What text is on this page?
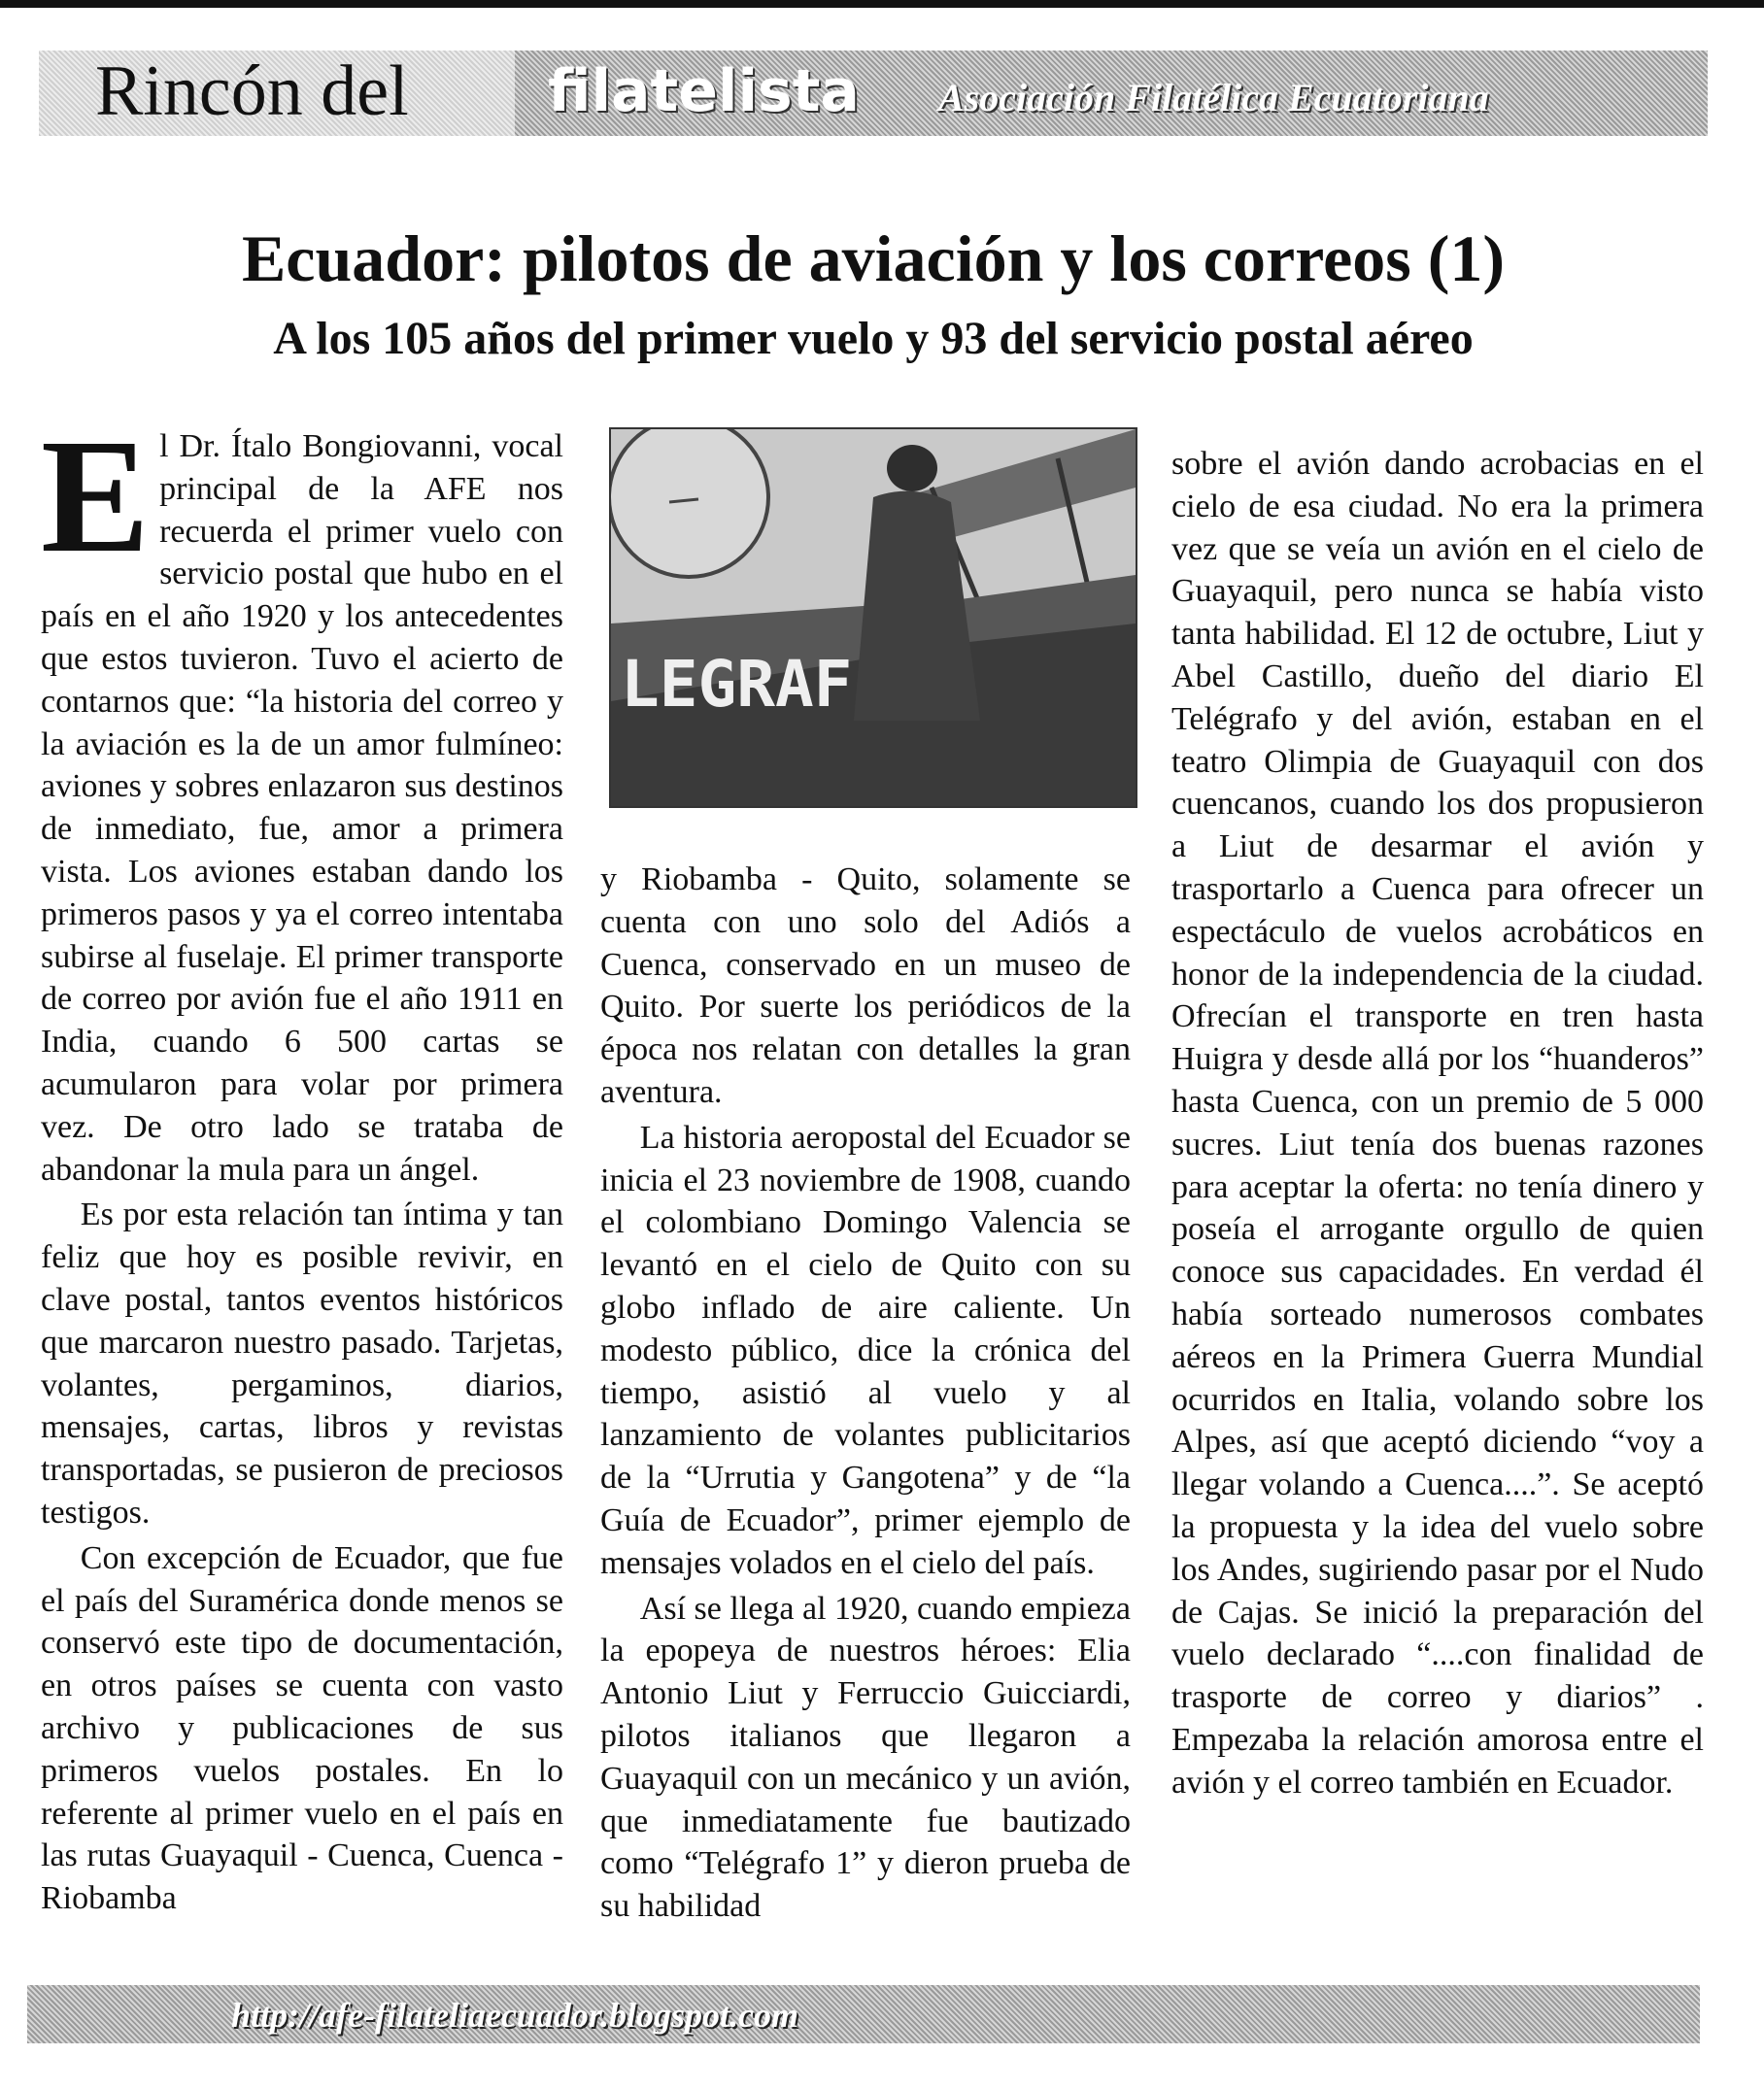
Rincón del filatelista Asociación Filatélica Ecuatoriana
Ecuador: pilotos de aviación y los correos (1)
A los 105 años del primer vuelo y 93 del servicio postal aéreo
E l Dr. Ítalo Bongiovanni, vocal principal de la AFE nos recuerda el primer vuelo con servicio postal que hubo en el país en el año 1920 y los antecedentes que estos tuvieron. Tuvo el acierto de contarnos que: “la historia del correo y la aviación es la de un amor fulmíneo: aviones y sobres enlazaron sus destinos de inmediato, fue, amor a primera vista. Los aviones estaban dando los primeros pasos y ya el correo intentaba subirse al fuselaje. El primer transporte de correo por avión fue el año 1911 en India, cuando 6 500 cartas se acumularon para volar por primera vez. De otro lado se trataba de abandonar la mula para un ángel.

Es por esta relación tan íntima y tan feliz que hoy es posible revivir, en clave postal, tantos eventos históricos que marcaron nuestro pasado. Tarjetas, volantes, pergaminos, diarios, mensajes, cartas, libros y revistas transportadas, se pusieron de preciosos testigos.

Con excepción de Ecuador, que fue el país del Suramérica donde menos se conservó este tipo de documentación, en otros países se cuenta con vasto archivo y publicaciones de sus primeros vuelos postales. En lo referente al primer vuelo en el país en las rutas Guayaquil - Cuenca, Cuenca - Riobamba

LEGRAF

y Riobamba - Quito, solamente se cuenta con uno solo del Adiós a Cuenca, conservado en un museo de Quito. Por suerte los periódicos de la época nos relatan con detalles la gran aventura.

La historia aeropostal del Ecuador se inicia el 23 noviembre de 1908, cuando el colombiano Domingo Valencia se levantó en el cielo de Quito con su globo inflado de aire caliente. Un modesto público, dice la crónica del tiempo, asistió al vuelo y al lanzamiento de volantes publicitarios de la “Urrutia y Gangotena” y de “la Guía de Ecuador”, primer ejemplo de mensajes volados en el cielo del país.

Así se llega al 1920, cuando empieza la epopeya de nuestros héroes: Elia Antonio Liut y Ferruccio Guicciardi, pilotos italianos que llegaron a Guayaquil con un mecánico y un avión, que inmediatamente fue bautizado como “Telégrafo 1” y dieron prueba de su habilidad

sobre el avión dando acrobacias en el cielo de esa ciudad. No era la primera vez que se veía un avión en el cielo de Guayaquil, pero nunca se había visto tanta habilidad. El 12 de octubre, Liut y Abel Castillo, dueño del diario El Telégrafo y del avión, estaban en el teatro Olimpia de Guayaquil con dos cuencanos, cuando los dos propusieron a Liut de desarmar el avión y trasportarlo a Cuenca para ofrecer un espectáculo de vuelos acrobáticos en honor de la independencia de la ciudad. Ofrecían el transporte en tren hasta Huigra y desde allá por los “huanderos” hasta Cuenca, con un premio de 5 000 sucres. Liut tenía dos buenas razones para aceptar la oferta: no tenía dinero y poseía el arrogante orgullo de quien conoce sus capacidades. En verdad él había sorteado numerosos combates aéreos en la Primera Guerra Mundial ocurridos en Italia, volando sobre los Alpes, así que aceptó diciendo “voy a llegar volando a Cuenca....”. Se aceptó la propuesta y la idea del vuelo sobre los Andes, sugiriendo pasar por el Nudo de Cajas. Se inició la preparación del vuelo declarado “....con finalidad de trasporte de correo y diarios” . Empezaba la relación amorosa entre el avión y el correo también en Ecuador.

http://afe-filateliaecuador.blogspot.com
